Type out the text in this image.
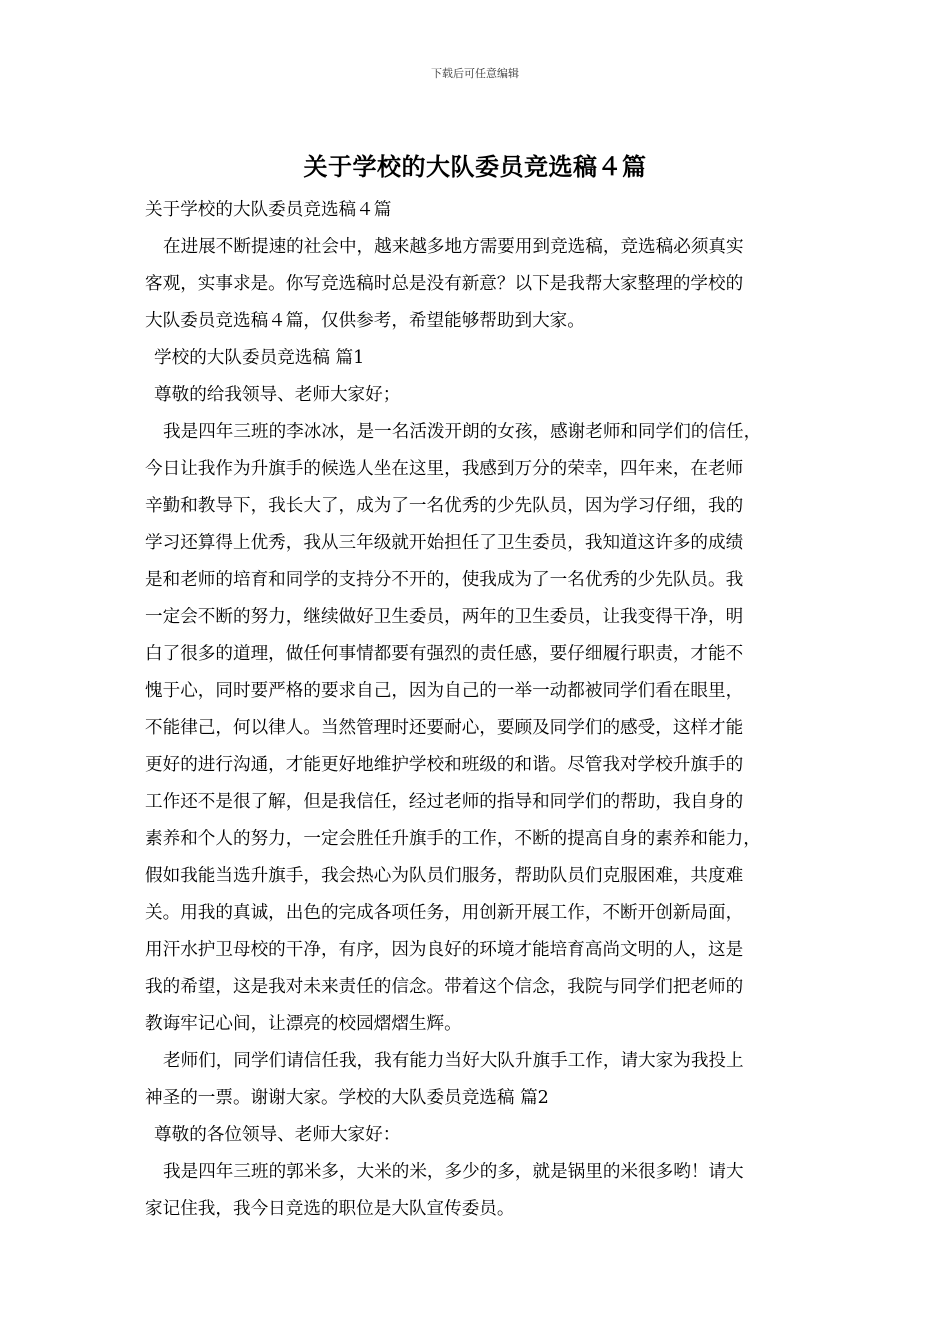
下载后可任意编辑
关于学校的大队委员竞选稿４篇

关于学校的大队委员竞选稿４篇

在进展不断提速的社会中，越来越多地方需要用到竞选稿，竞选稿必须真实

客观，实事求是。你写竞选稿时总是没有新意？以下是我帮大家整理的学校的

大队委员竞选稿４篇，仅供参考，希望能够帮助到大家。

学校的大队委员竞选稿 篇1

尊敬的给我领导、老师大家好；

我是四年三班的李冰冰，是一名活泼开朗的女孩，感谢老师和同学们的信任，

今日让我作为升旗手的候选人坐在这里，我感到万分的荣幸，四年来，在老师

辛勤和教导下，我长大了，成为了一名优秀的少先队员，因为学习仔细，我的

学习还算得上优秀，我从三年级就开始担任了卫生委员，我知道这许多的成绩

是和老师的培育和同学的支持分不开的，使我成为了一名优秀的少先队员。我

一定会不断的努力，继续做好卫生委员，两年的卫生委员，让我变得干净，明

白了很多的道理，做任何事情都要有强烈的责任感，要仔细履行职责，才能不

愧于心，同时要严格的要求自己，因为自己的一举一动都被同学们看在眼里，

不能律己，何以律人。当然管理时还要耐心，要顾及同学们的感受，这样才能

更好的进行沟通，才能更好地维护学校和班级的和谐。尽管我对学校升旗手的

工作还不是很了解，但是我信任，经过老师的指导和同学们的帮助，我自身的

素养和个人的努力，一定会胜任升旗手的工作，不断的提高自身的素养和能力，

假如我能当选升旗手，我会热心为队员们服务，帮助队员们克服困难，共度难

关。用我的真诚，出色的完成各项任务，用创新开展工作，不断开创新局面，

用汗水护卫母校的干净，有序，因为良好的环境才能培育高尚文明的人，这是

我的希望，这是我对未来责任的信念。带着这个信念，我院与同学们把老师的

教诲牢记心间，让漂亮的校园熠熠生辉。

老师们，同学们请信任我，我有能力当好大队升旗手工作，请大家为我投上

神圣的一票。谢谢大家。学校的大队委员竞选稿 篇2

尊敬的各位领导、老师大家好：

我是四年三班的郭米多，大米的米，多少的多，就是锅里的米很多哟！请大

家记住我，我今日竞选的职位是大队宣传委员。
